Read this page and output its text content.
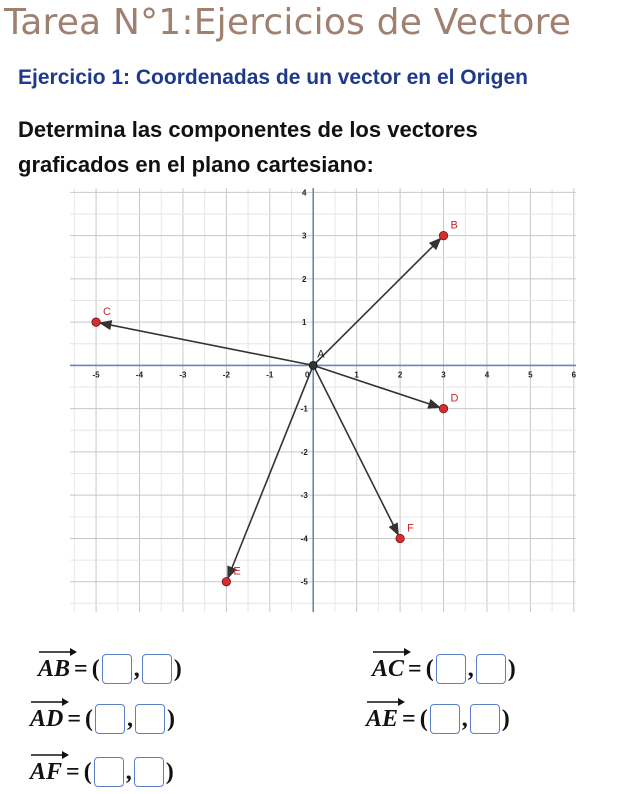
Tarea N°1:Ejercicios de Vectore
Ejercicio 1: Coordenadas de un vector en el Origen
Determina las componentes de los vectores
graficados en el plano cartesiano:
-5	-4	-3	-2	-1	0	1	2	3	4	5	6
4
3
2
1
-1
-2
-3
-4
-5
B
C
D
E
F
A
AB = ( , )	AC = ( , )
AD = ( , )	AE = ( , )
AF = ( , )
